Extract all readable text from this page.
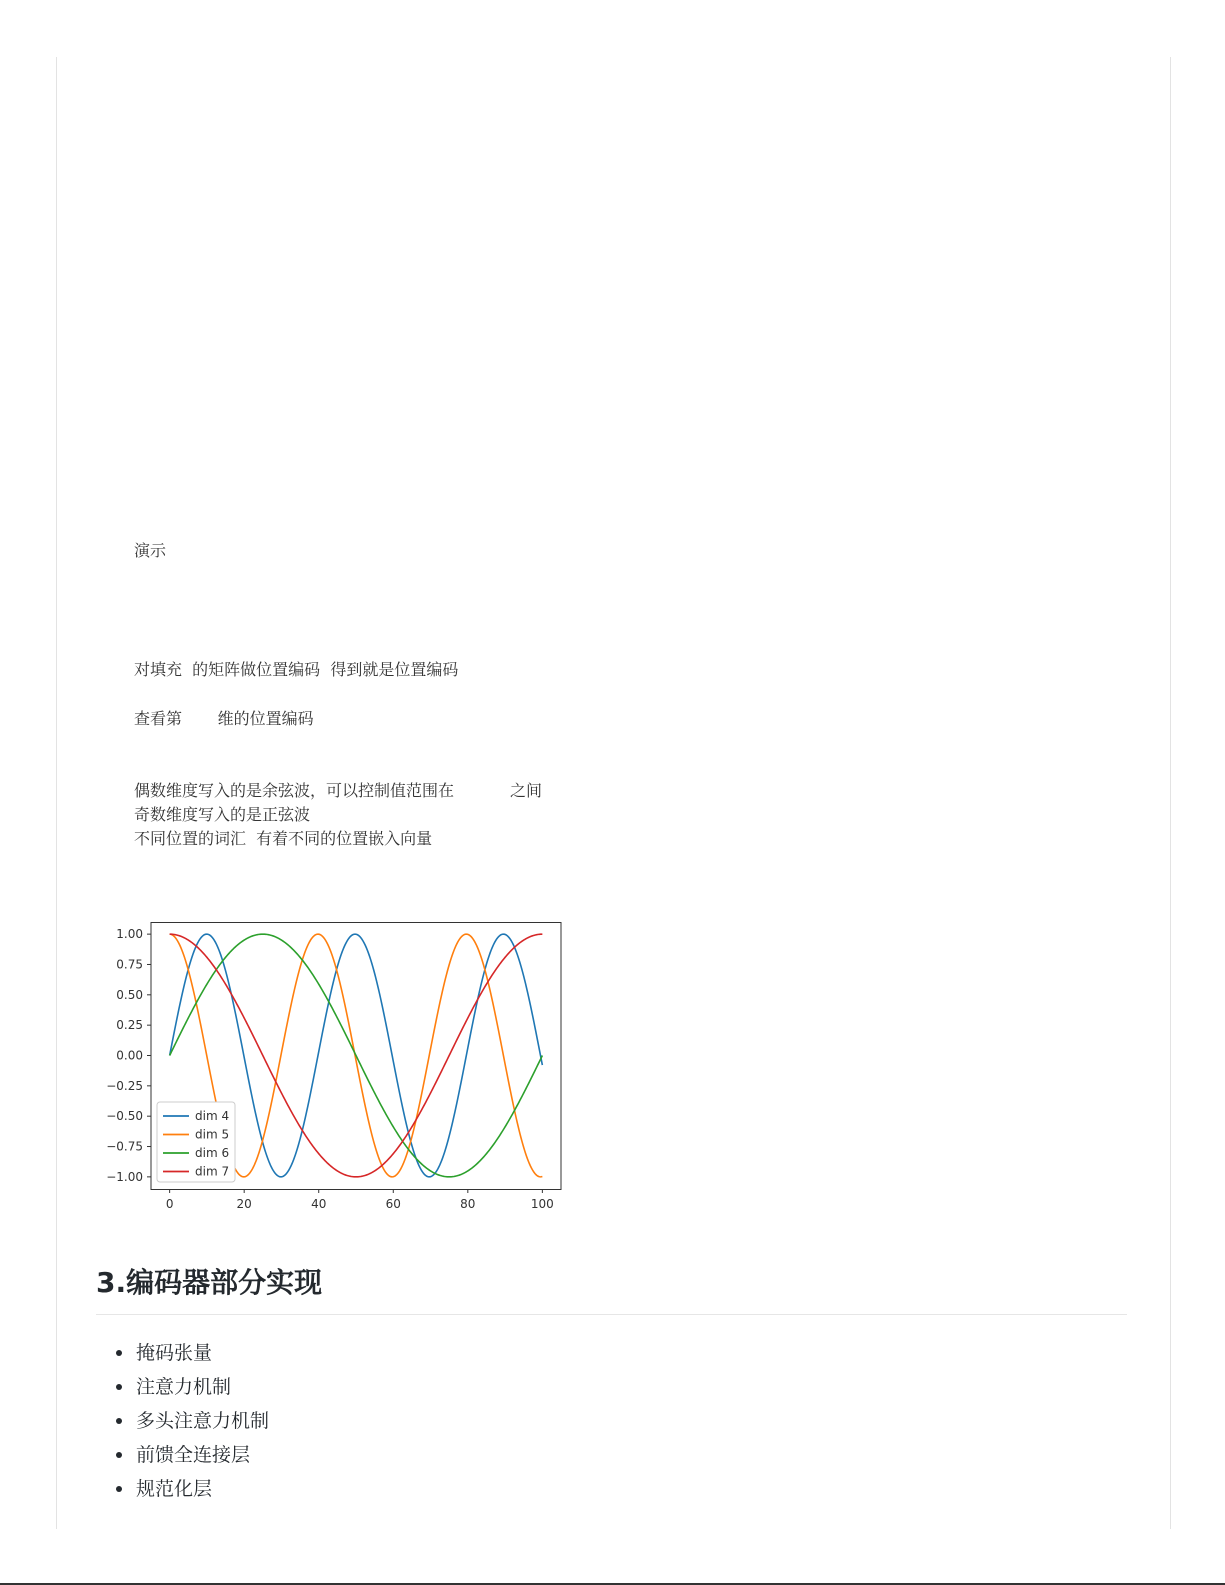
演示
对填充  的矩阵做位置编码  得到就是位置编码
查看第       维的位置编码
偶数维度写入的是余弦波，可以控制值范围在           之间
奇数维度写入的是正弦波
不同位置的词汇  有着不同的位置嵌入向量
1.00
0.75
0.50
0.25
0.00
−0.25
−0.50
−0.75
−1.00
0	20	40	60	80	100
dim 4
dim 5
dim 6
dim 7
3.编码器部分实现
掩码张量
注意力机制
多头注意力机制
前馈全连接层
规范化层
